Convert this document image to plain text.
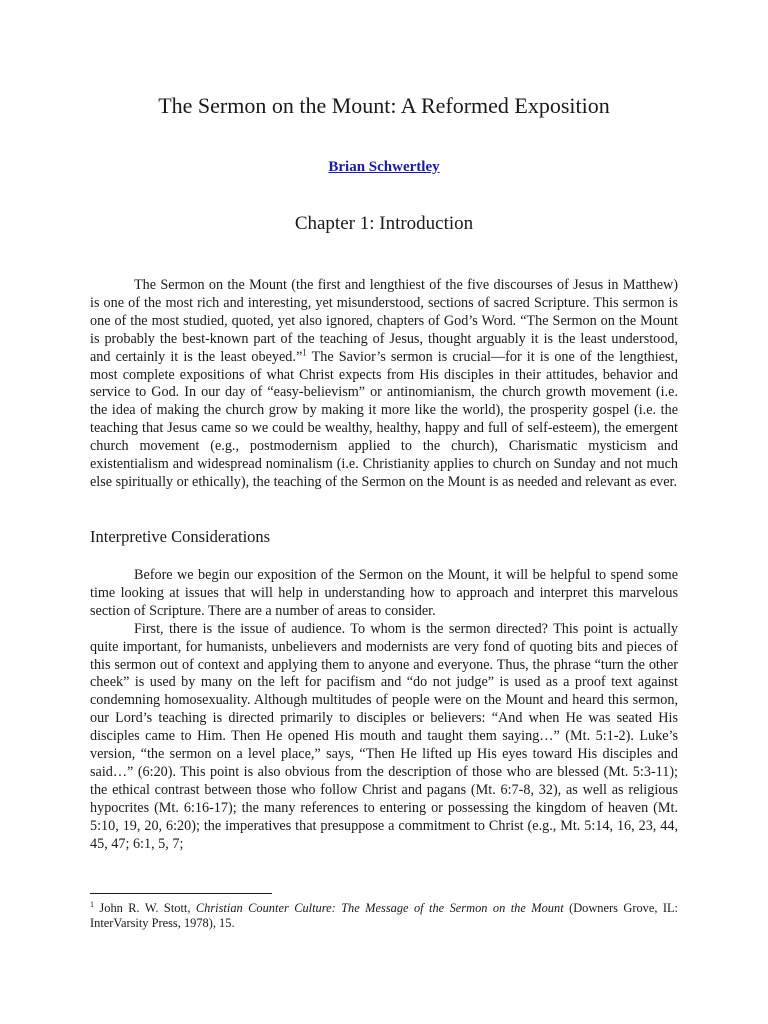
The Sermon on the Mount: A Reformed Exposition
Brian Schwertley
Chapter 1: Introduction

The Sermon on the Mount (the first and lengthiest of the five discourses of Jesus in Matthew) is one of the most rich and interesting, yet misunderstood, sections of sacred Scripture. This sermon is one of the most studied, quoted, yet also ignored, chapters of God’s Word. “The Sermon on the Mount is probably the best-known part of the teaching of Jesus, thought arguably it is the least understood, and certainly it is the least obeyed.”$^1$ The Savior’s sermon is crucial—for it is one of the lengthiest, most complete expositions of what Christ expects from His disciples in their attitudes, behavior and service to God. In our day of “easy-believism” or antinomianism, the church growth movement (i.e. the idea of making the church grow by making it more like the world), the prosperity gospel (i.e. the teaching that Jesus came so we could be wealthy, healthy, happy and full of self-esteem), the emergent church movement (e.g., postmodernism applied to the church), Charismatic mysticism and existentialism and widespread nominalism (i.e. Christianity applies to church on Sunday and not much else spiritually or ethically), the teaching of the Sermon on the Mount is as needed and relevant as ever.

Interpretive Considerations

Before we begin our exposition of the Sermon on the Mount, it will be helpful to spend some time looking at issues that will help in understanding how to approach and interpret this marvelous section of Scripture. There are a number of areas to consider.

First, there is the issue of audience. To whom is the sermon directed? This point is actually quite important, for humanists, unbelievers and modernists are very fond of quoting bits and pieces of this sermon out of context and applying them to anyone and everyone. Thus, the phrase “turn the other cheek” is used by many on the left for pacifism and “do not judge” is used as a proof text against condemning homosexuality. Although multitudes of people were on the Mount and heard this sermon, our Lord’s teaching is directed primarily to disciples or believers: “And when He was seated His disciples came to Him. Then He opened His mouth and taught them saying…” (Mt. 5:1-2). Luke’s version, “the sermon on a level place,” says, “Then He lifted up His eyes toward His disciples and said…” (6:20). This point is also obvious from the description of those who are blessed (Mt. 5:3-11); the ethical contrast between those who follow Christ and pagans (Mt. 6:7-8, 32), as well as religious hypocrites (Mt. 6:16-17); the many references to entering or possessing the kingdom of heaven (Mt. 5:10, 19, 20, 6:20); the imperatives that presuppose a commitment to Christ (e.g., Mt. 5:14, 16, 23, 44, 45, 47; 6:1, 5, 7;

$^1$ John R. W. Stott, Christian Counter Culture: The Message of the Sermon on the Mount (Downers Grove, IL: InterVarsity Press, 1978), 15.
